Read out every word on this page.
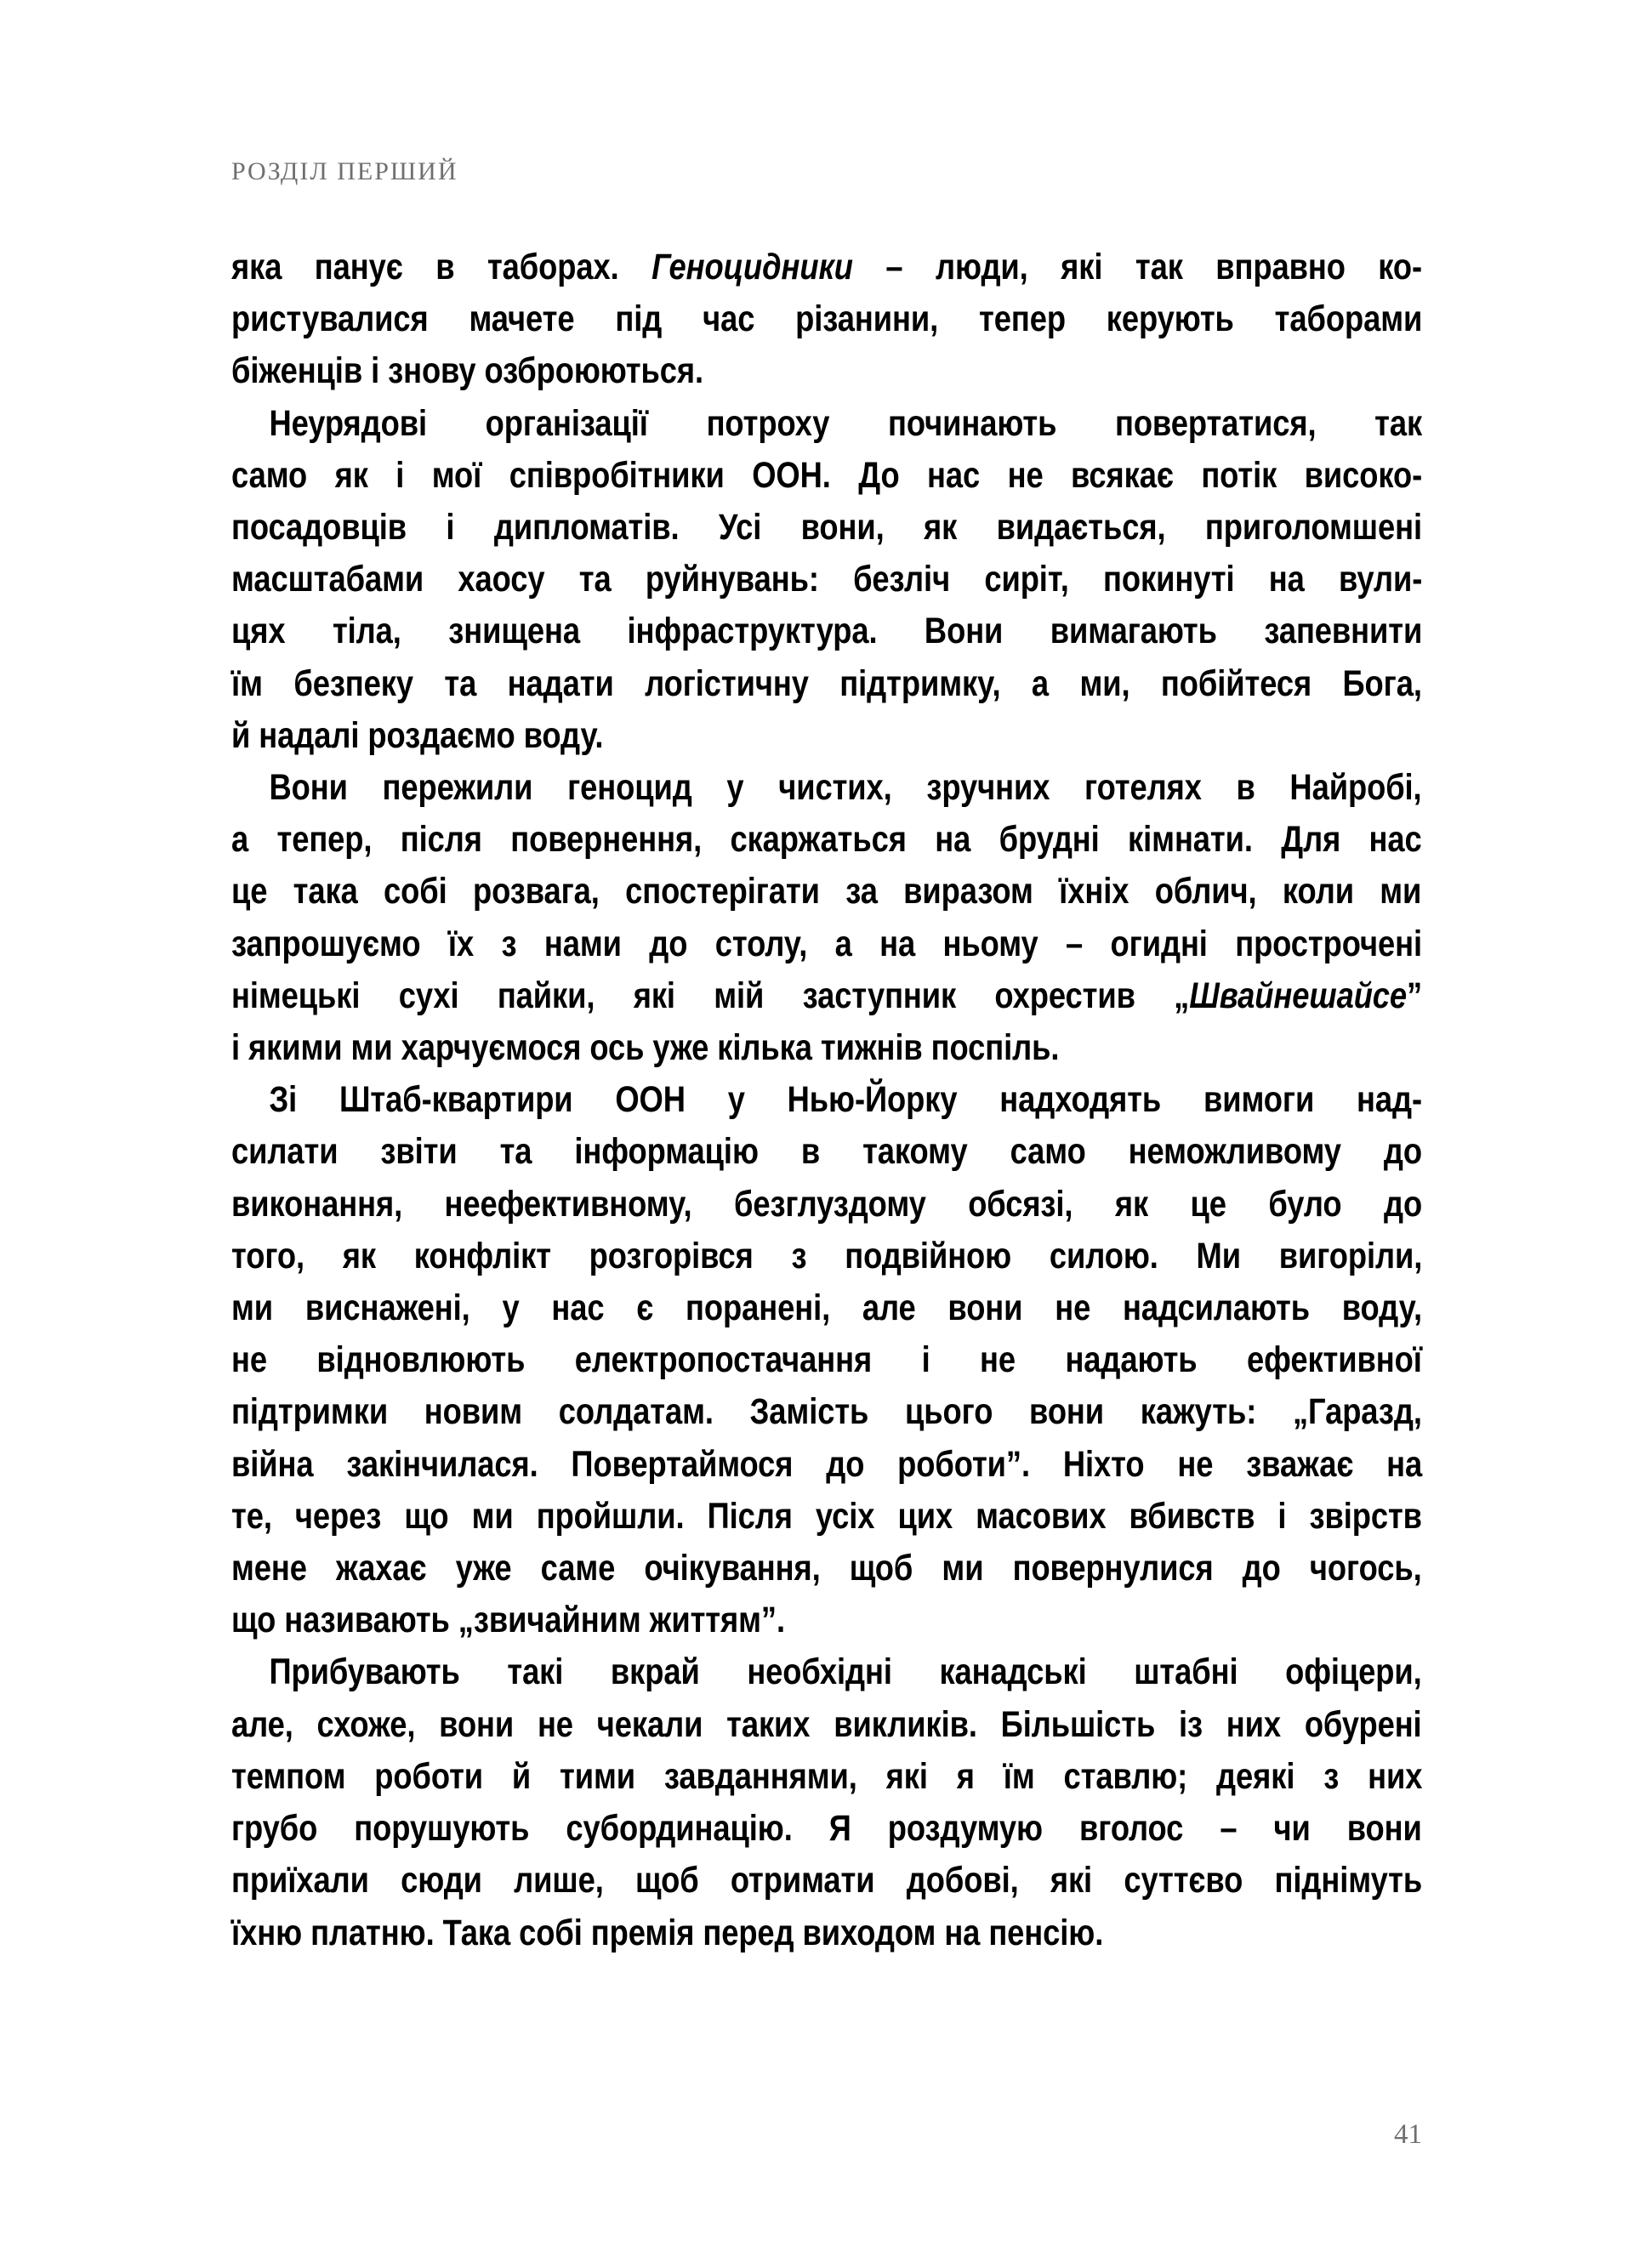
РОЗДІЛ ПЕРШИЙ

яка панує в таборах. Геноцидники – люди, які так вправно ко-
ристувалися мачете під час різанини, тепер керують таборами
біженців і знову озброюються.

Неурядові організації потроху починають повертатися, так
само як і мої співробітники ООН. До нас не всякає потік високо-
посадовців і дипломатів. Усі вони, як видається, приголомшені
масштабами хаосу та руйнувань: безліч сиріт, покинуті на вули-
цях тіла, знищена інфраструктура. Вони вимагають запевнити
їм безпеку та надати логістичну підтримку, а ми, побійтеся Бога,
й надалі роздаємо воду.

Вони пережили геноцид у чистих, зручних готелях в Найробі,
а тепер, після повернення, скаржаться на брудні кімнати. Для нас
це така собі розвага, спостерігати за виразом їхніх облич, коли ми
запрошуємо їх з нами до столу, а на ньому – огидні прострочені
німецькі сухі пайки, які мій заступник охрестив „Швайнешайсе”
і якими ми харчуємося ось уже кілька тижнів поспіль.

Зі Штаб-квартири ООН у Нью-Йорку надходять вимоги над-
силати звіти та інформацію в такому само неможливому до
виконання, неефективному, безглуздому обсязі, як це було до
того, як конфлікт розгорівся з подвійною силою. Ми вигоріли,
ми виснажені, у нас є поранені, але вони не надсилають воду,
не відновлюють електропостачання і не надають ефективної
підтримки новим солдатам. Замість цього вони кажуть: „Гаразд,
війна закінчилася. Повертаймося до роботи”. Ніхто не зважає на
те, через що ми пройшли. Після усіх цих масових вбивств і звірств
мене жахає уже саме очікування, щоб ми повернулися до чогось,
що називають „звичайним життям”.

Прибувають такі вкрай необхідні канадські штабні офіцери,
але, схоже, вони не чекали таких викликів. Більшість із них обурені
темпом роботи й тими завданнями, які я їм ставлю; деякі з них
грубо порушують субординацію. Я роздумую вголос – чи вони
приїхали сюди лише, щоб отримати добові, які суттєво піднімуть
їхню платню. Така собі премія перед виходом на пенсію.

41
